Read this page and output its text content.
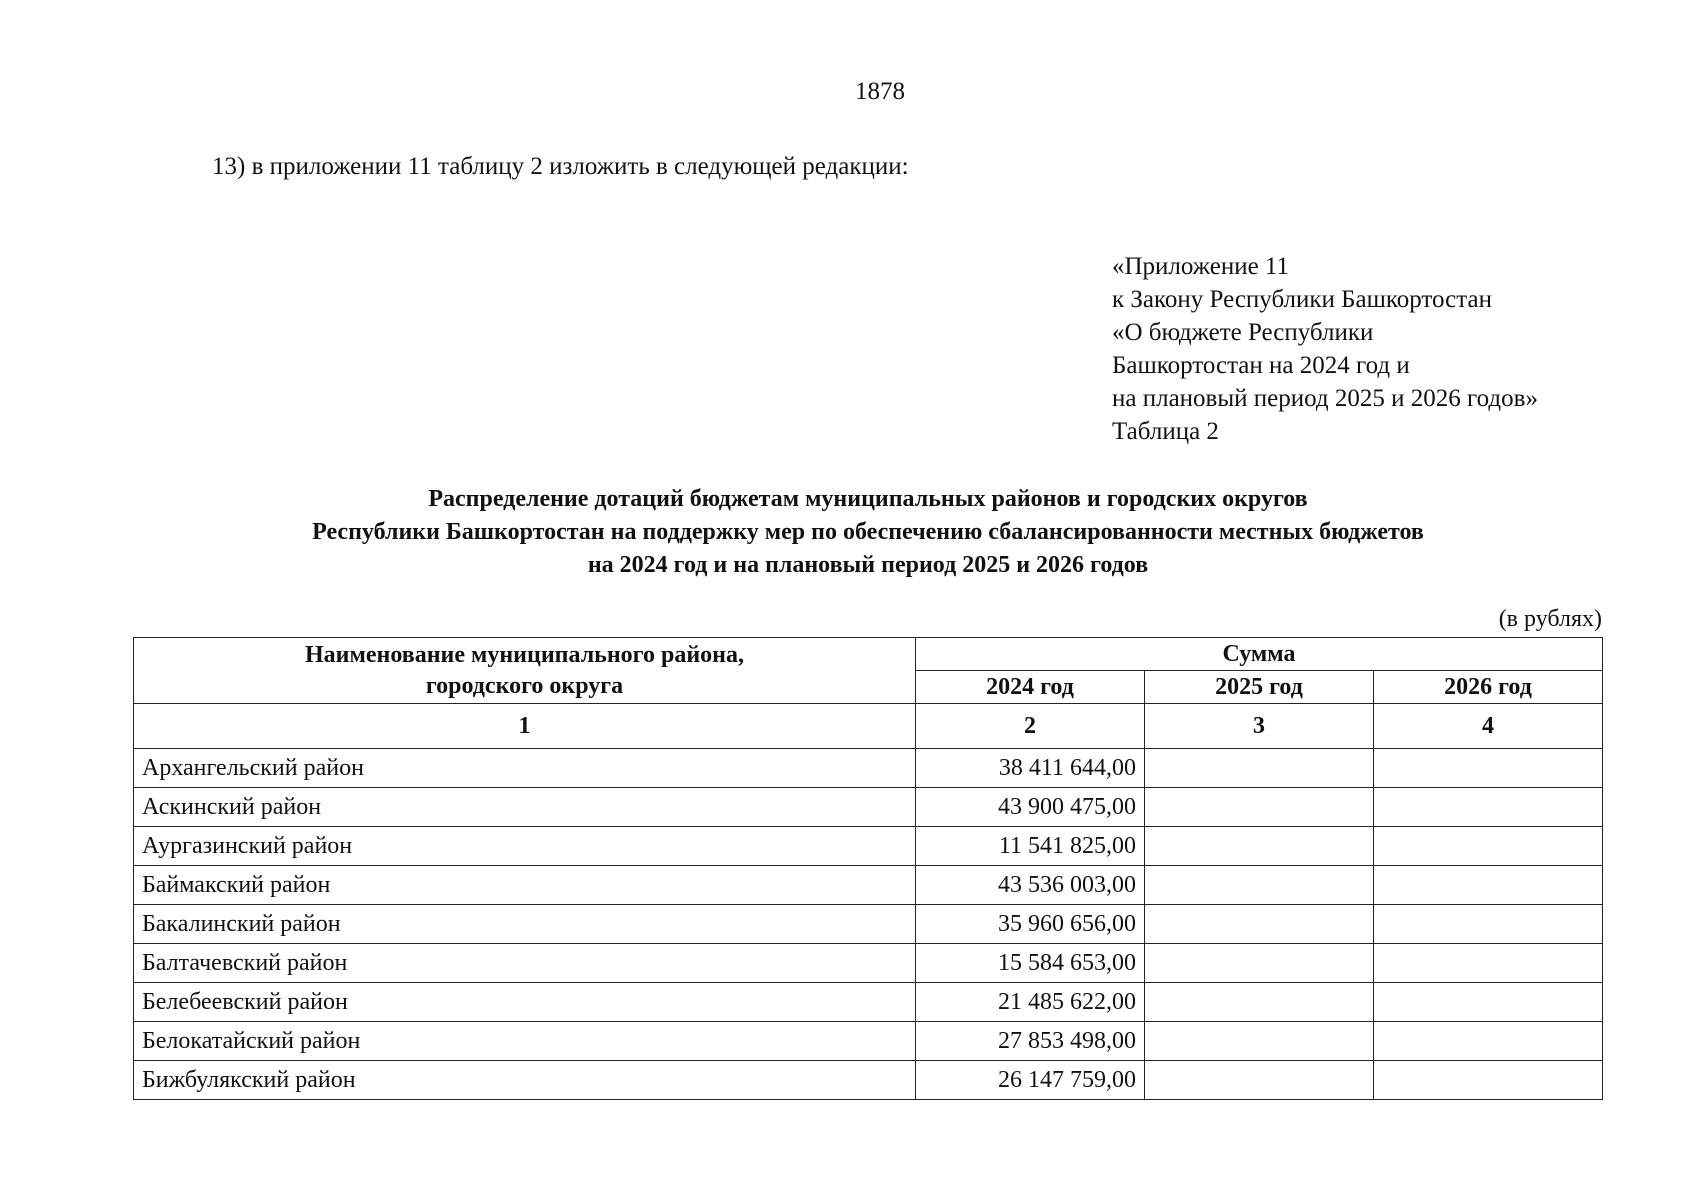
1878
13) в приложении 11 таблицу 2 изложить в следующей редакции:
«Приложение 11
к Закону Республики Башкортостан
«О бюджете Республики
Башкортостан на 2024 год и
на плановый период 2025 и 2026 годов»
Таблица 2
Распределение дотаций бюджетам муниципальных районов и городских округов
Республики Башкортостан на поддержку мер по обеспечению сбалансированности местных бюджетов
на 2024 год и на плановый период 2025 и 2026 годов
(в рублях)
Наименование муниципального района, городского округа	Сумма		
	2024 год	2025 год	2026 год
1	2	3	4
Архангельский район	38 411 644,00		
Аскинский район	43 900 475,00		
Аургазинский район	11 541 825,00		
Баймакский район	43 536 003,00		
Бакалинский район	35 960 656,00		
Балтачевский район	15 584 653,00		
Белебеевский район	21 485 622,00		
Белокатайский район	27 853 498,00		
Бижбулякский район	26 147 759,00		
